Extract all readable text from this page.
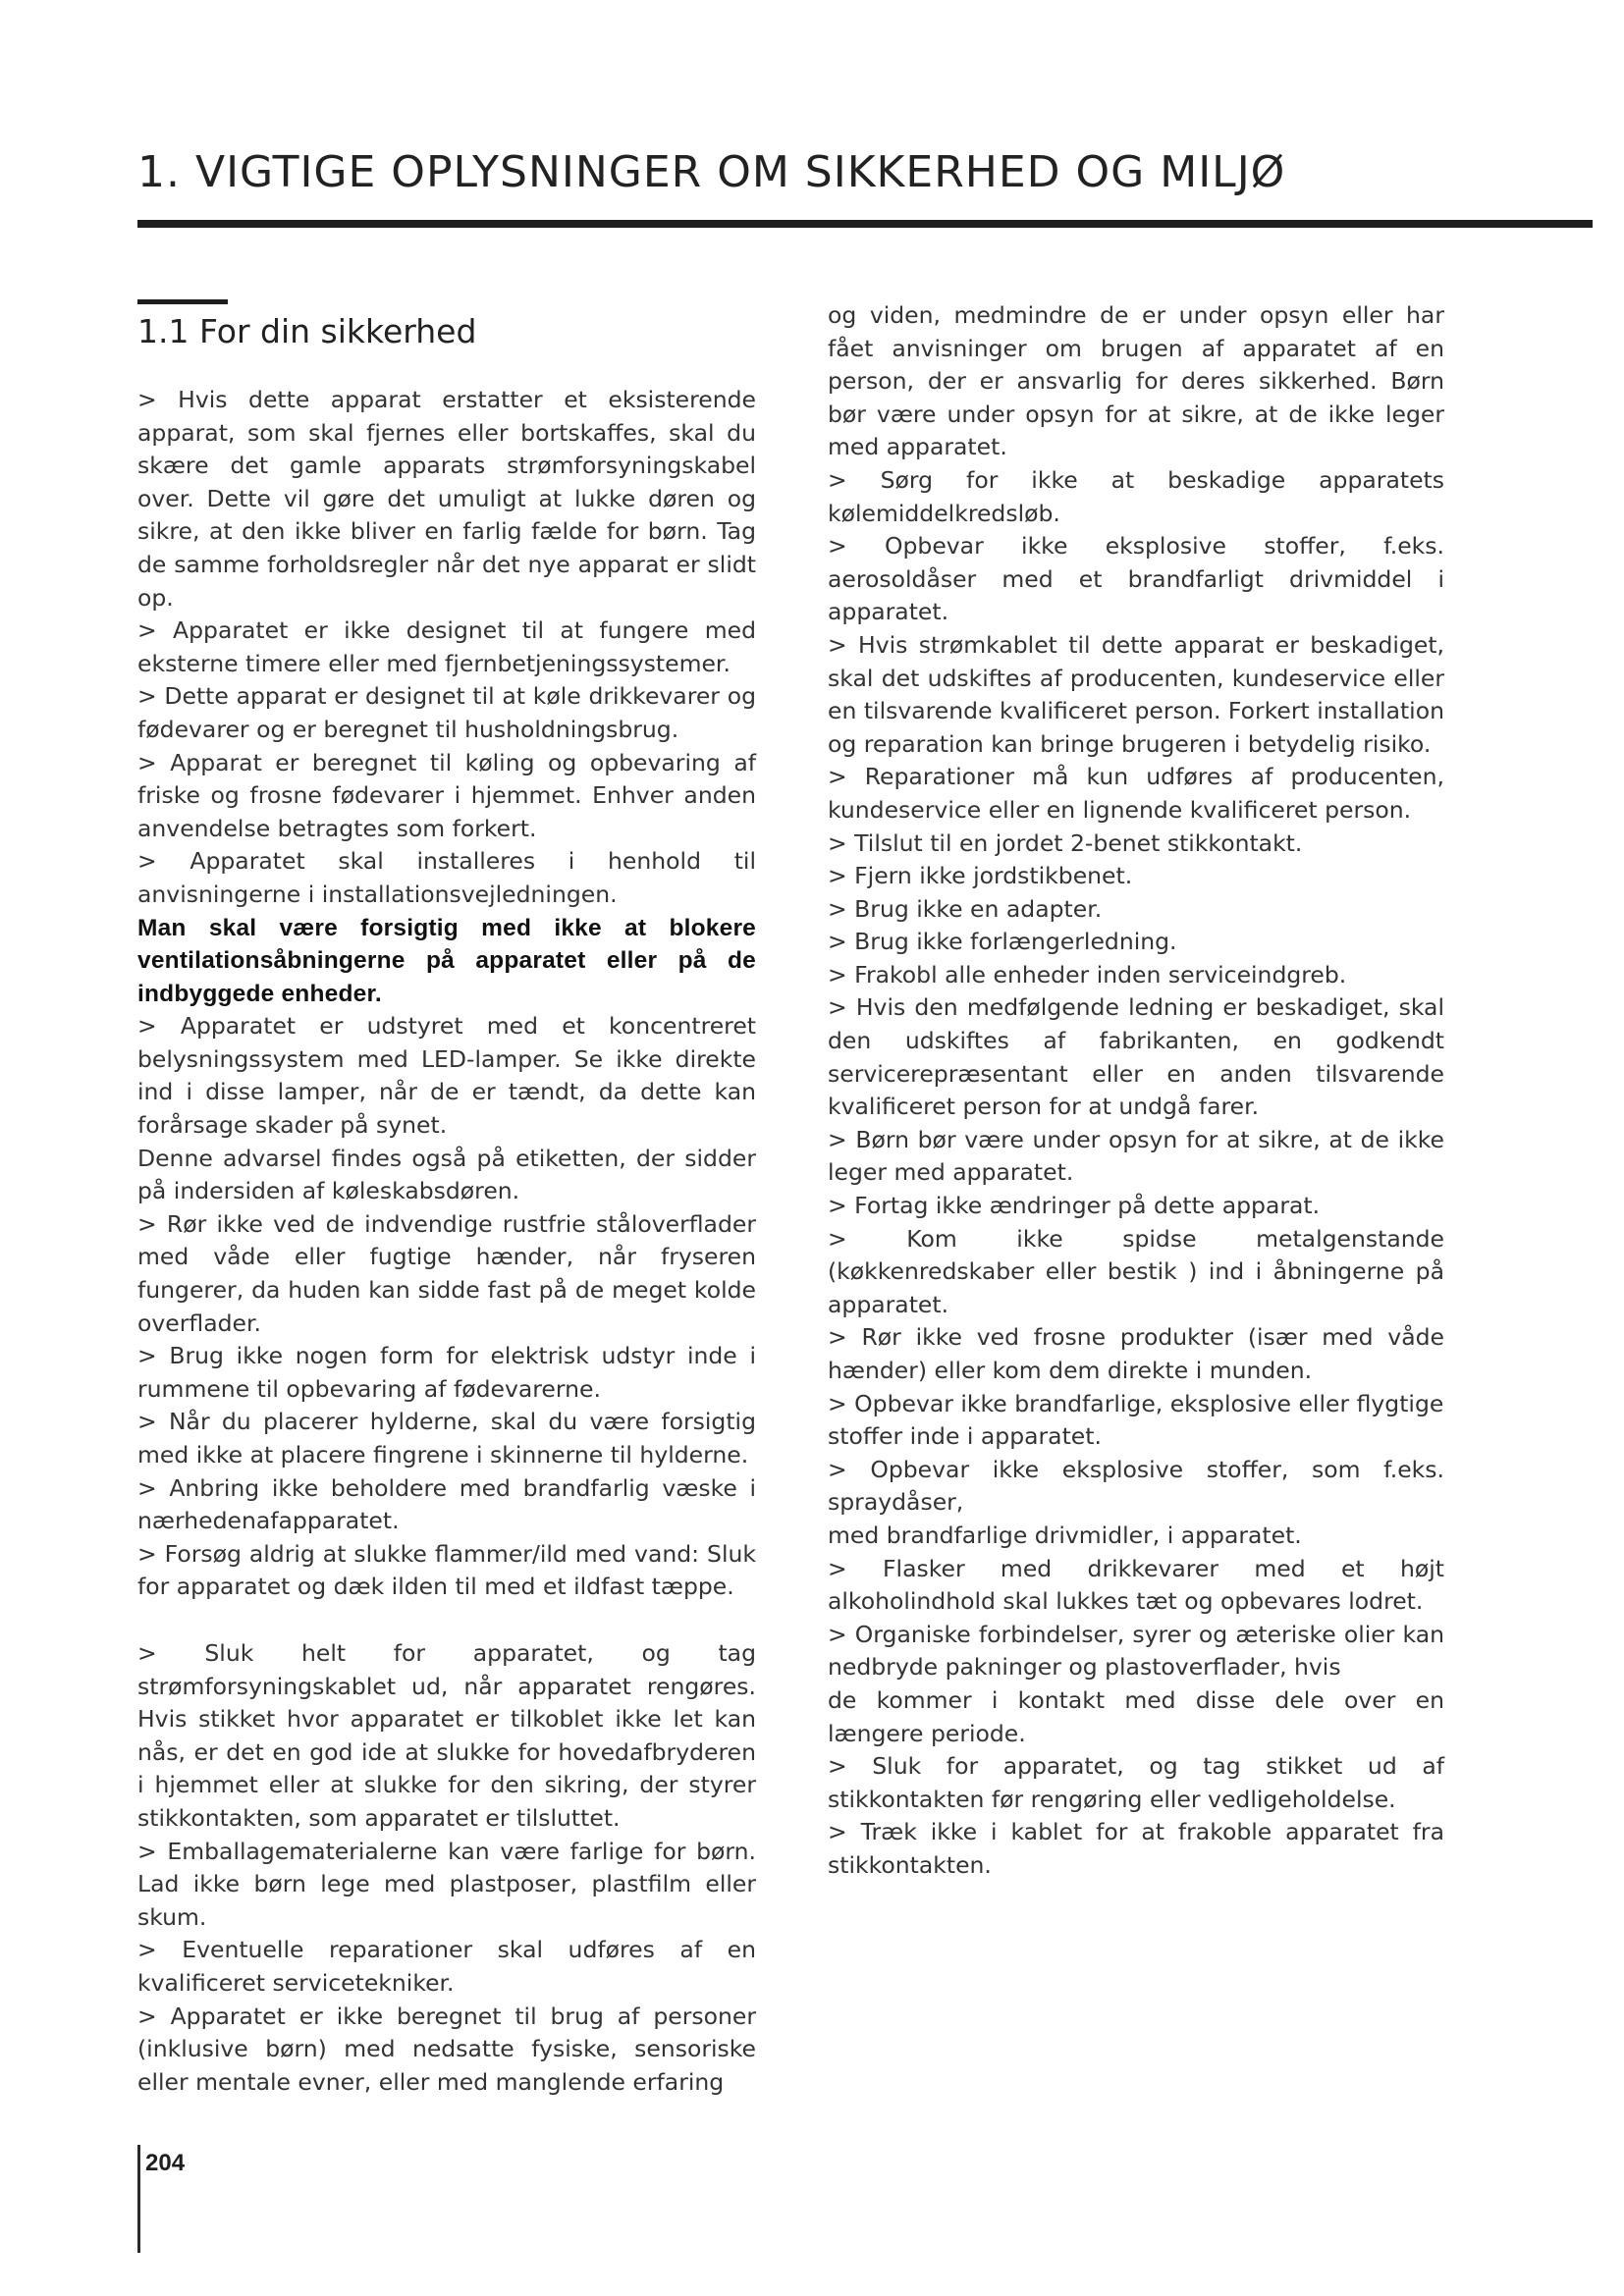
1. VIGTIGE OPLYSNINGER OM SIKKERHED OG MILJØ
1.1 For din sikkerhed

> Hvis dette apparat erstatter et eksisterende apparat, som skal fjernes eller bortskaffes, skal du skære det gamle apparats strømforsyningskabel over. Dette vil gøre det umuligt at lukke døren og sikre, at den ikke bliver en farlig fælde for børn. Tag de samme forholdsregler når det nye apparat er slidt op.

> Apparatet er ikke designet til at fungere med eksterne timere eller med fjernbetjeningssystemer.

> Dette apparat er designet til at køle drikkevarer og fødevarer og er beregnet til husholdningsbrug.

> Apparat er beregnet til køling og opbevaring af friske og frosne fødevarer i hjemmet. Enhver anden anvendelse betragtes som forkert.

> Apparatet skal installeres i henhold til anvisningerne i installationsvejledningen.

Man skal være forsigtig med ikke at blokere ventilationsåbningerne på apparatet eller på de indbyggede enheder.

> Apparatet er udstyret med et koncentreret belysningssystem med LED-lamper. Se ikke direkte ind i disse lamper, når de er tændt, da dette kan forårsage skader på synet.

Denne advarsel findes også på etiketten, der sidder på indersiden af køleskabsdøren.

> Rør ikke ved de indvendige rustfrie ståloverflader med våde eller fugtige hænder, når fryseren fungerer, da huden kan sidde fast på de meget kolde overflader.

> Brug ikke nogen form for elektrisk udstyr inde i rummene til opbevaring af fødevarerne.

> Når du placerer hylderne, skal du være forsigtig med ikke at placere fingrene i skinnerne til hylderne.

> Anbring ikke beholdere med brandfarlig væske i nærhedenafapparatet.

> Forsøg aldrig at slukke flammer/ild med vand: Sluk for apparatet og dæk ilden til med et ildfast tæppe.

> Sluk helt for apparatet, og tag strømforsyningskablet ud, når apparatet rengøres. Hvis stikket hvor apparatet er tilkoblet ikke let kan nås, er det en god ide at slukke for hovedafbryderen i hjemmet eller at slukke for den sikring, der styrer stikkontakten, som apparatet er tilsluttet.

> Emballagematerialerne kan være farlige for børn. Lad ikke børn lege med plastposer, plastfilm eller skum.

> Eventuelle reparationer skal udføres af en kvalificeret servicetekniker.

> Apparatet er ikke beregnet til brug af personer (inklusive børn) med nedsatte fysiske, sensoriske eller mentale evner, eller med manglende erfaring

og viden, medmindre de er under opsyn eller har fået anvisninger om brugen af apparatet af en person, der er ansvarlig for deres sikkerhed. Børn bør være under opsyn for at sikre, at de ikke leger med apparatet.

> Sørg for ikke at beskadige apparatets kølemiddelkredsløb.

> Opbevar ikke eksplosive stoffer, f.eks. aerosoldåser med et brandfarligt drivmiddel i apparatet.

> Hvis strømkablet til dette apparat er beskadiget, skal det udskiftes af producenten, kundeservice eller en tilsvarende kvalificeret person. Forkert installation og reparation kan bringe brugeren i betydelig risiko.

> Reparationer må kun udføres af producenten, kundeservice eller en lignende kvalificeret person.

> Tilslut til en jordet 2-benet stikkontakt.

> Fjern ikke jordstikbenet.

> Brug ikke en adapter.

> Brug ikke forlængerledning.

> Frakobl alle enheder inden serviceindgreb.

> Hvis den medfølgende ledning er beskadiget, skal den udskiftes af fabrikanten, en godkendt servicerepræsentant eller en anden tilsvarende kvalificeret person for at undgå farer.

> Børn bør være under opsyn for at sikre, at de ikke leger med apparatet.

> Fortag ikke ændringer på dette apparat.

> Kom ikke spidse metalgenstande (køkkenredskaber eller bestik ) ind i åbningerne på apparatet.

> Rør ikke ved frosne produkter (især med våde hænder) eller kom dem direkte i munden.

> Opbevar ikke brandfarlige, eksplosive eller flygtige

stoffer inde i apparatet.

> Opbevar ikke eksplosive stoffer, som f.eks. spraydåser,

med brandfarlige drivmidler, i apparatet.

> Flasker med drikkevarer med et højt alkoholindhold skal lukkes tæt og opbevares lodret.

> Organiske forbindelser, syrer og æteriske olier kan nedbryde pakninger og plastoverflader, hvis

de kommer i kontakt med disse dele over en længere periode.

> Sluk for apparatet, og tag stikket ud af stikkontakten før rengøring eller vedligeholdelse.

> Træk ikke i kablet for at frakoble apparatet fra stikkontakten.

204
